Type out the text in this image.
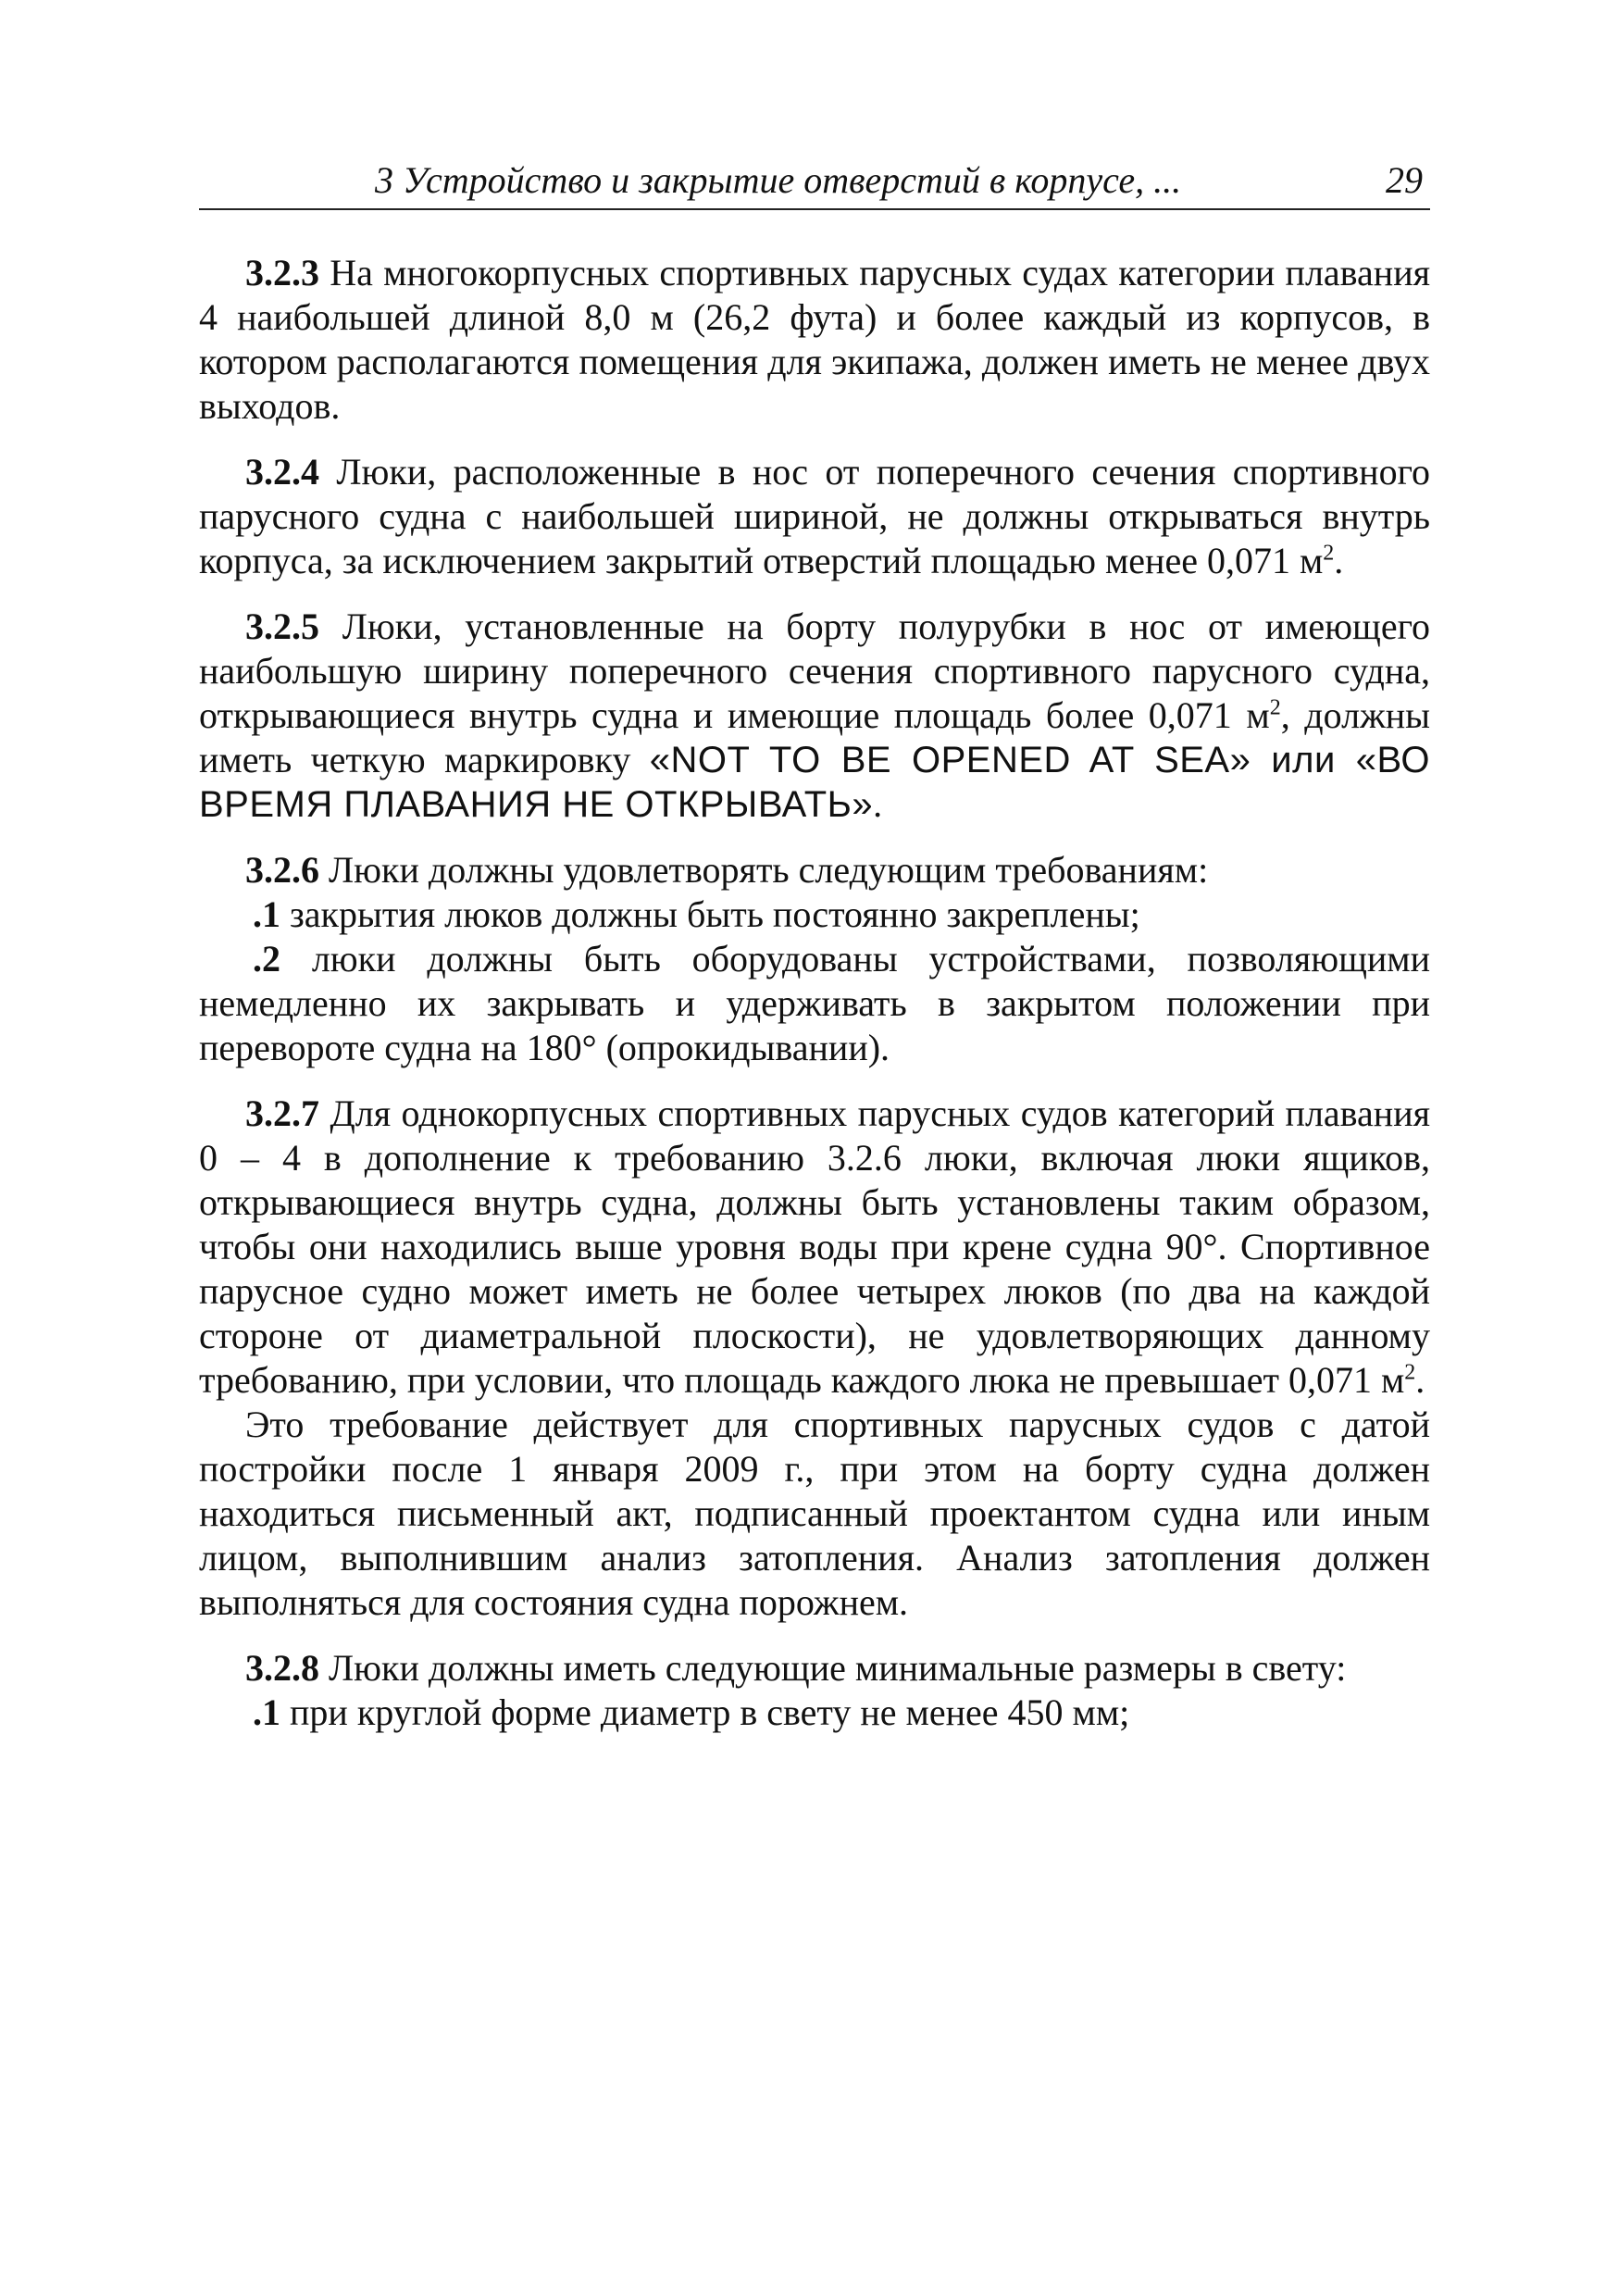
3 Устройство и закрытие отверстий в корпусе, ...	29

3.2.3 На многокорпусных спортивных парусных судах категории плавания 4 наибольшей длиной 8,0 м (26,2 фута) и более каждый из корпусов, в котором располагаются помещения для экипажа, должен иметь не менее двух выходов.

3.2.4 Люки, расположенные в нос от поперечного сечения спортивного парусного судна с наибольшей шириной, не должны открываться внутрь корпуса, за исключением закрытий отверстий площадью менее 0,071 $м^2$.

3.2.5 Люки, установленные на борту полурубки в нос от имеющего наибольшую ширину поперечного сечения спортивного парусного судна, открывающиеся внутрь судна и имеющие площадь более 0,071 $м^2$, должны иметь четкую маркировку «NOT TO BE OPENED AT SEA» или «ВО ВРЕМЯ ПЛАВАНИЯ НЕ ОТКРЫВАТЬ».

3.2.6 Люки должны удовлетворять следующим требованиям:

.1 закрытия люков должны быть постоянно закреплены;

.2 люки должны быть оборудованы устройствами, позволяющими немедленно их закрывать и удерживать в закрытом положении при перевороте судна на 180° (опрокидывании).

3.2.7 Для однокорпусных спортивных парусных судов категорий плавания 0 – 4 в дополнение к требованию 3.2.6 люки, включая люки ящиков, открывающиеся внутрь судна, должны быть установлены таким образом, чтобы они находились выше уровня воды при крене судна 90°. Спортивное парусное судно может иметь не более четырех люков (по два на каждой стороне от диаметральной плоскости), не удовлетворяющих данному требованию, при условии, что площадь каждого люка не превышает 0,071 $м^2$.

Это требование действует для спортивных парусных судов с датой постройки после 1 января 2009 г., при этом на борту судна должен находиться письменный акт, подписанный проектантом судна или иным лицом, выполнившим анализ затопления. Анализ затопления должен выполняться для состояния судна порожнем.

3.2.8 Люки должны иметь следующие минимальные размеры в свету:

.1 при круглой форме диаметр в свету не менее 450 мм;
